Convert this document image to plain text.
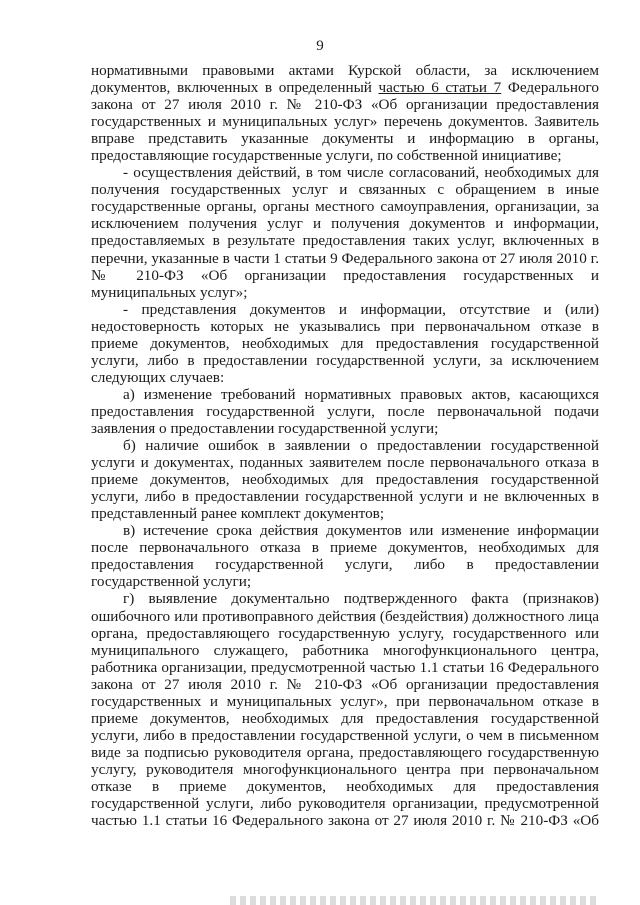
9

нормативными правовыми актами Курской области, за исключением документов, включенных в определенный частью 6 статьи 7 Федерального закона от 27 июля 2010 г. № 210-ФЗ «Об организации предоставления государственных и муниципальных услуг» перечень документов. Заявитель вправе представить указанные документы и информацию в органы, предоставляющие государственные услуги, по собственной инициативе;

- осуществления действий, в том числе согласований, необходимых для получения государственных услуг и связанных с обращением в иные государственные органы, органы местного самоуправления, организации, за исключением получения услуг и получения документов и информации, предоставляемых в результате предоставления таких услуг, включенных в перечни, указанные в части 1 статьи 9 Федерального закона от 27 июля 2010 г. № 210-ФЗ «Об организации предоставления государственных и муниципальных услуг»;

- представления документов и информации, отсутствие и (или) недостоверность которых не указывались при первоначальном отказе в приеме документов, необходимых для предоставления государственной услуги, либо в предоставлении государственной услуги, за исключением следующих случаев:

а) изменение требований нормативных правовых актов, касающихся предоставления государственной услуги, после первоначальной подачи заявления о предоставлении государственной услуги;

б) наличие ошибок в заявлении о предоставлении государственной услуги и документах, поданных заявителем после первоначального отказа в приеме документов, необходимых для предоставления государственной услуги, либо в предоставлении государственной услуги и не включенных в представленный ранее комплект документов;

в) истечение срока действия документов или изменение информации после первоначального отказа в приеме документов, необходимых для предоставления государственной услуги, либо в предоставлении государственной услуги;

г) выявление документально подтвержденного факта (признаков) ошибочного или противоправного действия (бездействия) должностного лица органа, предоставляющего государственную услугу, государственного или муниципального служащего, работника многофункционального центра, работника организации, предусмотренной частью 1.1 статьи 16 Федерального закона от 27 июля 2010 г. № 210-ФЗ «Об организации предоставления государственных и муниципальных услуг», при первоначальном отказе в приеме документов, необходимых для предоставления государственной услуги, либо в предоставлении государственной услуги, о чем в письменном виде за подписью руководителя органа, предоставляющего государственную услугу, руководителя многофункционального центра при первоначальном отказе в приеме документов, необходимых для предоставления государственной услуги, либо руководителя организации, предусмотренной частью 1.1 статьи 16 Федерального закона от 27 июля 2010 г. № 210-ФЗ «Об
